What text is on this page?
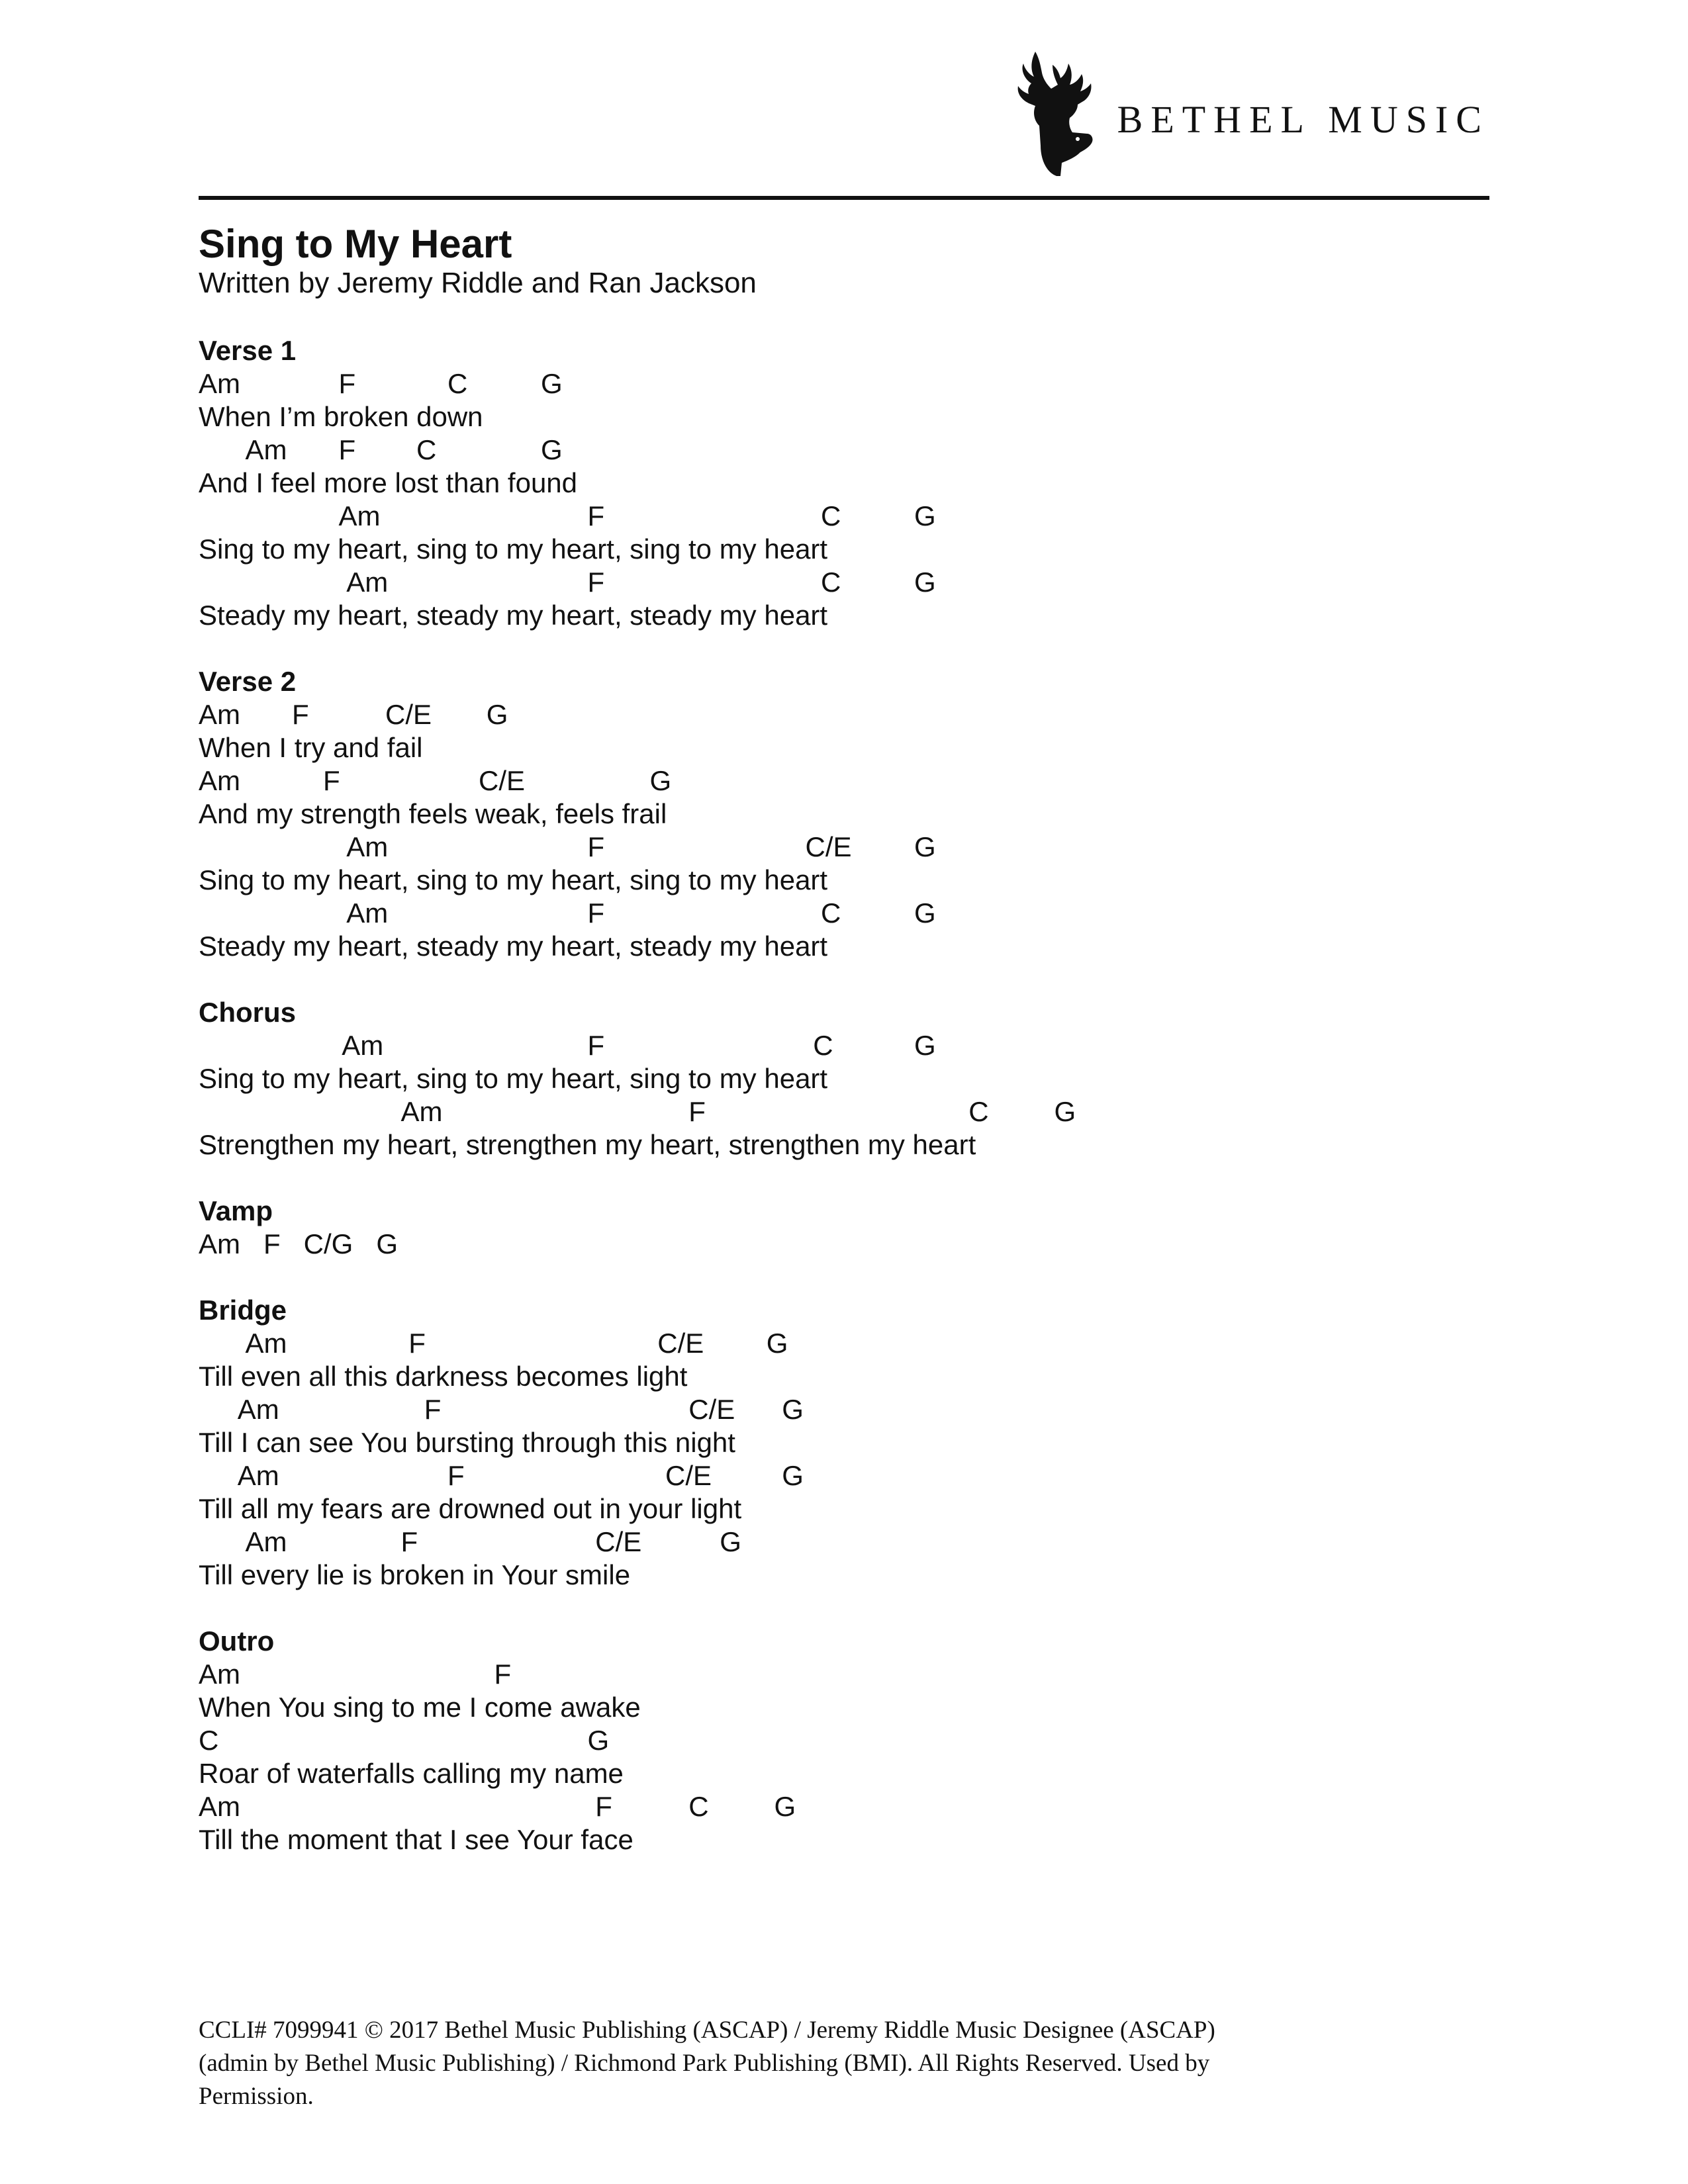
BETHEL MUSIC
Sing to My Heart

Written by Jeremy Riddle and Ran Jackson

Verse 1
Am	F	C	G
When I’m broken down
Am F C	G
And I feel more lost than found
Am	F	C	G
Sing to my heart, sing to my heart, sing to my heart
Am	F	C	G
Steady my heart, steady my heart, steady my heart
Verse 2
Am F	C/E G
When I try and fail
Am	F	C/E	G
And my strength feels weak, feels frail
Am	F	C/E G
Sing to my heart, sing to my heart, sing to my heart
Am	F	C	G
Steady my heart, steady my heart, steady my heart
Chorus
Am	F	C	G
Sing to my heart, sing to my heart, sing to my heart
Am	F	C G
Strengthen my heart, strengthen my heart, strengthen my heart
Vamp
Am   F   C/G   G
Bridge
Am	F	C/E G
Till even all this darkness becomes light
Am	F	C/E G
Till I can see You bursting through this night
Am	F	C/E	G
Till all my fears are drowned out in your light
Am	F	C/E	G
Till every lie is broken in Your smile
Outro
Am	F
When You sing to me I come awake
C	G
Roar of waterfalls calling my name
Am	F	C G
Till the moment that I see Your face
CCLI# 7099941 © 2017 Bethel Music Publishing (ASCAP) / Jeremy Riddle Music Designee (ASCAP)
(admin by Bethel Music Publishing) / Richmond Park Publishing (BMI). All Rights Reserved. Used by
Permission.
